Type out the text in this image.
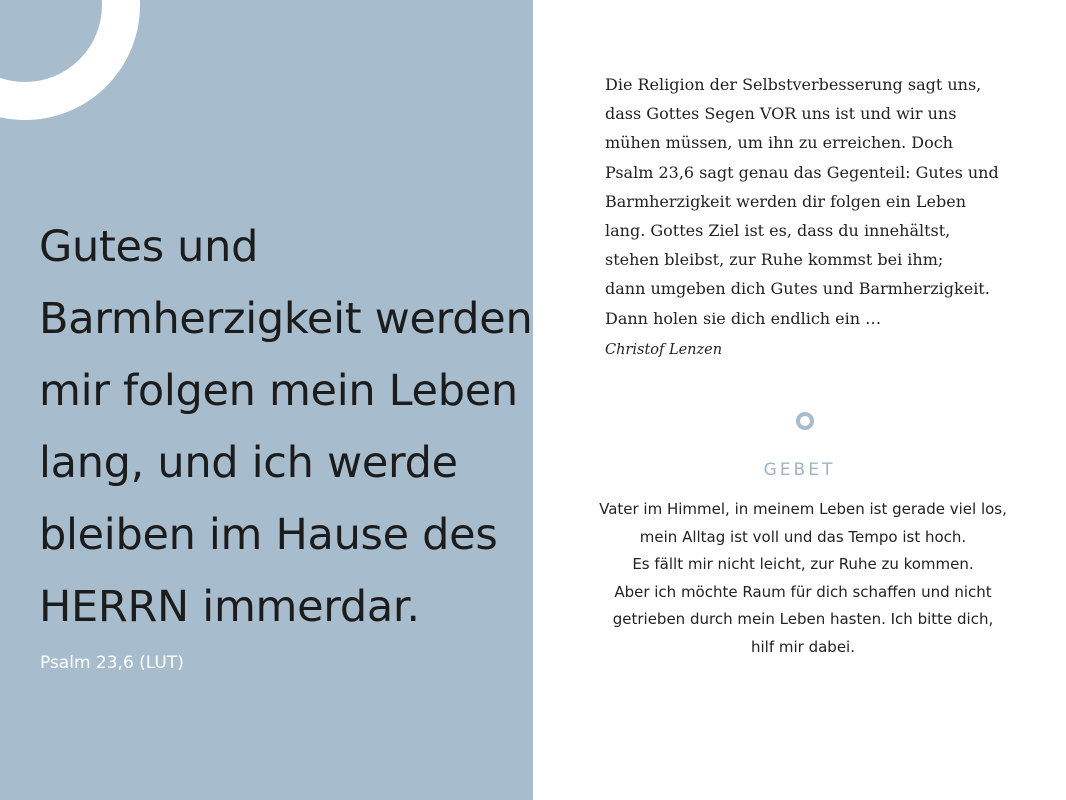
Gutes und
Barmherzigkeit werden
mir folgen mein Leben
lang, und ich werde
bleiben im Hause des
HERRN immerdar.
Psalm 23,6 (LUT)

Die Religion der Selbstverbesserung sagt uns,
dass Gottes Segen VOR uns ist und wir uns
mühen müssen, um ihn zu erreichen. Doch
Psalm 23,6 sagt genau das Gegenteil: Gutes und
Barmherzigkeit werden dir folgen ein Leben
lang. Gottes Ziel ist es, dass du innehältst,
stehen bleibst, zur Ruhe kommst bei ihm;
dann umgeben dich Gutes und Barmherzigkeit.
Dann holen sie dich endlich ein …

Christof Lenzen
GEBET
Vater im Himmel, in meinem Leben ist gerade viel los,
mein Alltag ist voll und das Tempo ist hoch.
Es fällt mir nicht leicht, zur Ruhe zu kommen.
Aber ich möchte Raum für dich schaffen und nicht
getrieben durch mein Leben hasten. Ich bitte dich,
hilf mir dabei.
